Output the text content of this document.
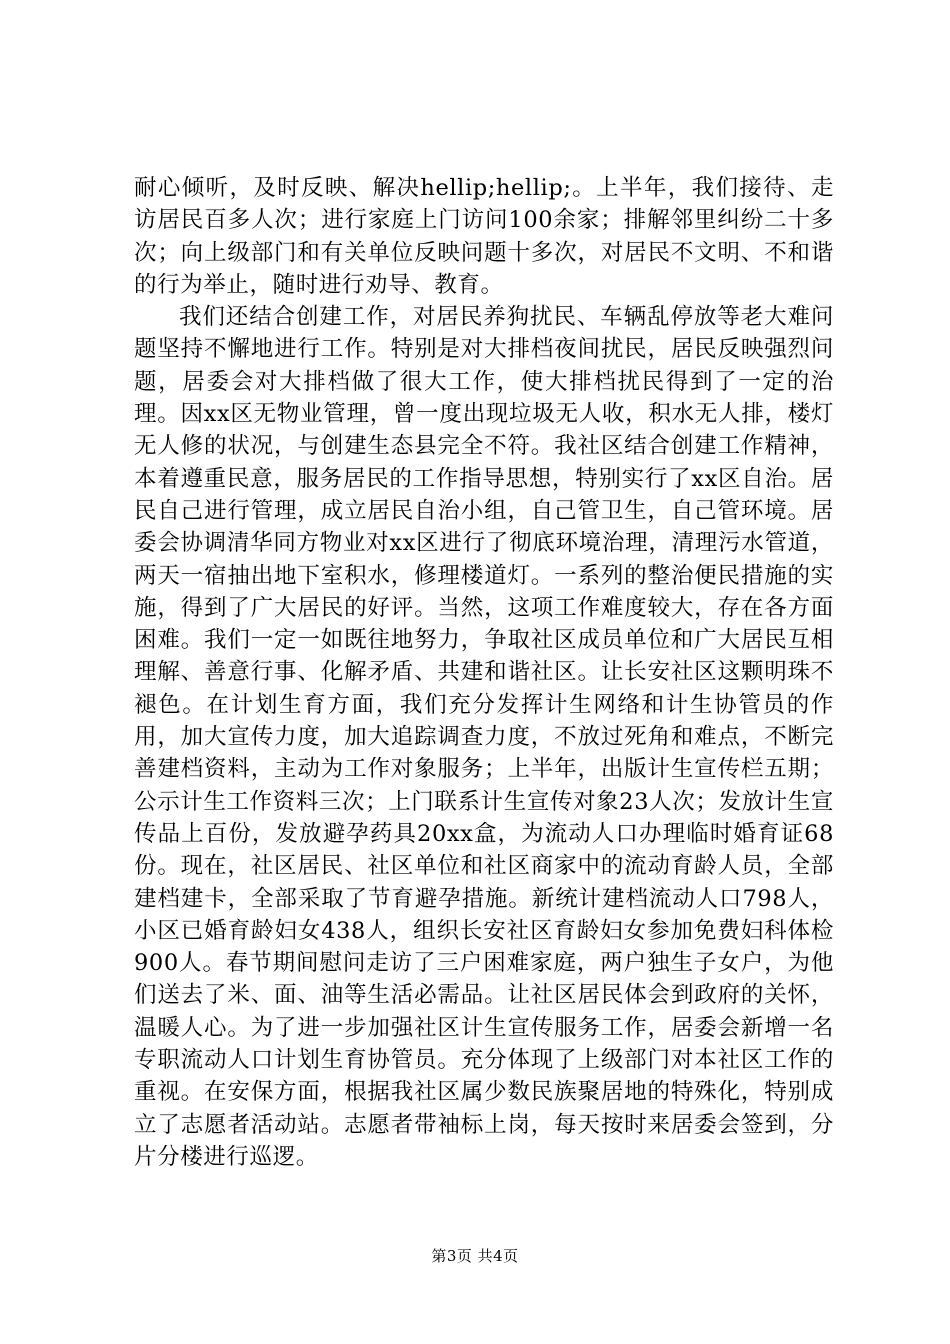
耐心倾听，及时反映、解决hellip;hellip;。上半年，我们接待、走访居民百多人次；进行家庭上门访问100余家；排解邻里纠纷二十多次；向上级部门和有关单位反映问题十多次，对居民不文明、不和谐的行为举止，随时进行劝导、教育。

我们还结合创建工作，对居民养狗扰民、车辆乱停放等老大难问题坚持不懈地进行工作。特别是对大排档夜间扰民，居民反映强烈问题，居委会对大排档做了很大工作，使大排档扰民得到了一定的治理。因xx区无物业管理，曾一度出现垃圾无人收，积水无人排，楼灯无人修的状况，与创建生态县完全不符。我社区结合创建工作精神，本着遵重民意，服务居民的工作指导思想，特别实行了xx区自治。居民自己进行管理，成立居民自治小组，自己管卫生，自己管环境。居委会协调清华同方物业对xx区进行了彻底环境治理，清理污水管道，两天一宿抽出地下室积水，修理楼道灯。一系列的整治便民措施的实施，得到了广大居民的好评。当然，这项工作难度较大，存在各方面困难。我们一定一如既往地努力，争取社区成员单位和广大居民互相理解、善意行事、化解矛盾、共建和谐社区。让长安社区这颗明珠不褪色。在计划生育方面，我们充分发挥计生网络和计生协管员的作用，加大宣传力度，加大追踪调查力度，不放过死角和难点，不断完善建档资料，主动为工作对象服务；上半年，出版计生宣传栏五期；公示计生工作资料三次；上门联系计生宣传对象23人次；发放计生宣传品上百份，发放避孕药具20xx盒，为流动人口办理临时婚育证68份。现在，社区居民、社区单位和社区商家中的流动育龄人员，全部建档建卡，全部采取了节育避孕措施。新统计建档流动人口798人，小区已婚育龄妇女438人，组织长安社区育龄妇女参加免费妇科体检900人。春节期间慰问走访了三户困难家庭，两户独生子女户，为他们送去了米、面、油等生活必需品。让社区居民体会到政府的关怀，温暖人心。为了进一步加强社区计生宣传服务工作，居委会新增一名专职流动人口计划生育协管员。充分体现了上级部门对本社区工作的重视。在安保方面，根据我社区属少数民族聚居地的特殊化，特别成立了志愿者活动站。志愿者带袖标上岗，每天按时来居委会签到，分片分楼进行巡逻。

第3页 共4页
